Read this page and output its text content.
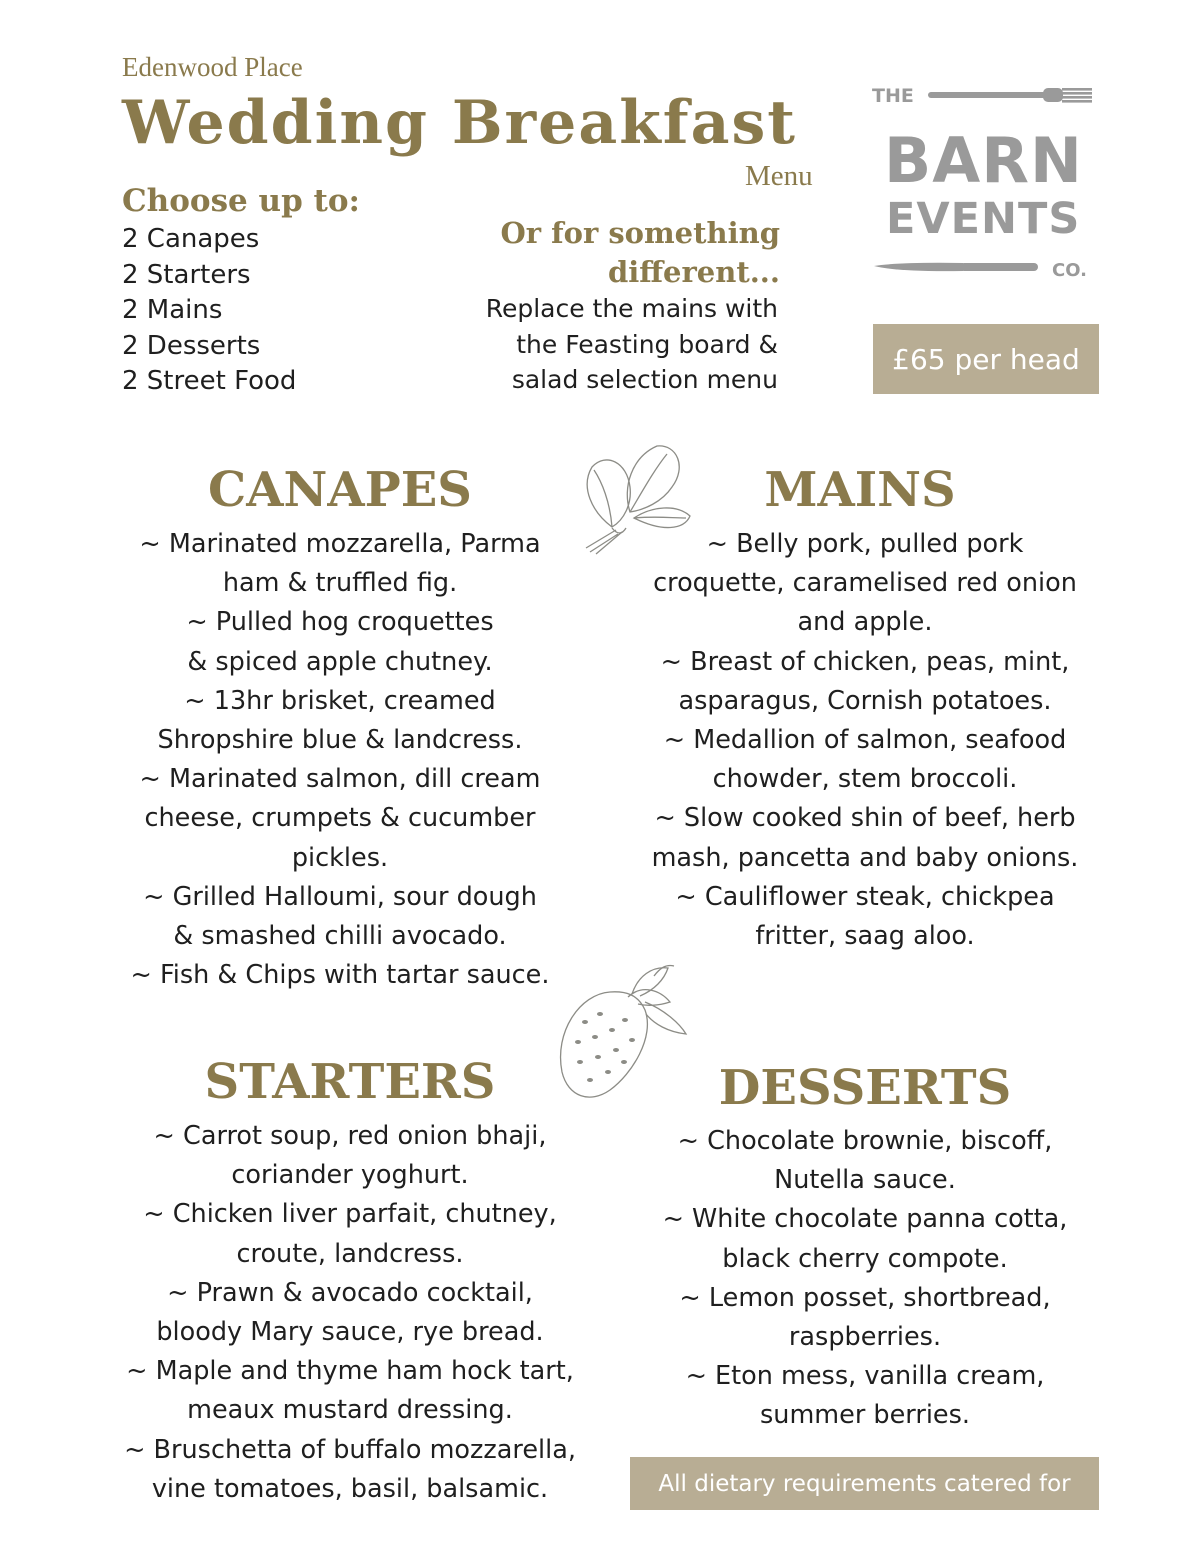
Edenwood Place
Wedding Breakfast
Menu
Choose up to:
2 Canapes
2 Starters
2 Mains
2 Desserts
2 Street Food
Or for something
different...
Replace the mains with
the Feasting board &
salad selection menu
THE
BARN
EVENTS
CO.
£65 per head
CANAPES
~ Marinated mozzarella, Parma
ham & truffled fig.
~ Pulled hog croquettes
& spiced apple chutney.
~ 13hr brisket, creamed
Shropshire blue & landcress.
~ Marinated salmon, dill cream
cheese, crumpets & cucumber
pickles.
~ Grilled Halloumi, sour dough
& smashed chilli avocado.
~ Fish & Chips with tartar sauce.
MAINS
~ Belly pork, pulled pork
croquette, caramelised red onion
and apple.
~ Breast of chicken, peas, mint,
asparagus, Cornish potatoes.
~ Medallion of salmon, seafood
chowder, stem broccoli.
~ Slow cooked shin of beef, herb
mash, pancetta and baby onions.
~ Cauliflower steak, chickpea
fritter, saag aloo.
STARTERS
~ Carrot soup, red onion bhaji,
coriander yoghurt.
~ Chicken liver parfait, chutney,
croute, landcress.
~ Prawn & avocado cocktail,
bloody Mary sauce, rye bread.
~ Maple and thyme ham hock tart,
meaux mustard dressing.
~ Bruschetta of buffalo mozzarella,
vine tomatoes, basil, balsamic.
DESSERTS
~ Chocolate brownie, biscoff,
Nutella sauce.
~ White chocolate panna cotta,
black cherry compote.
~ Lemon posset, shortbread,
raspberries.
~ Eton mess, vanilla cream,
summer berries.
All dietary requirements catered for
